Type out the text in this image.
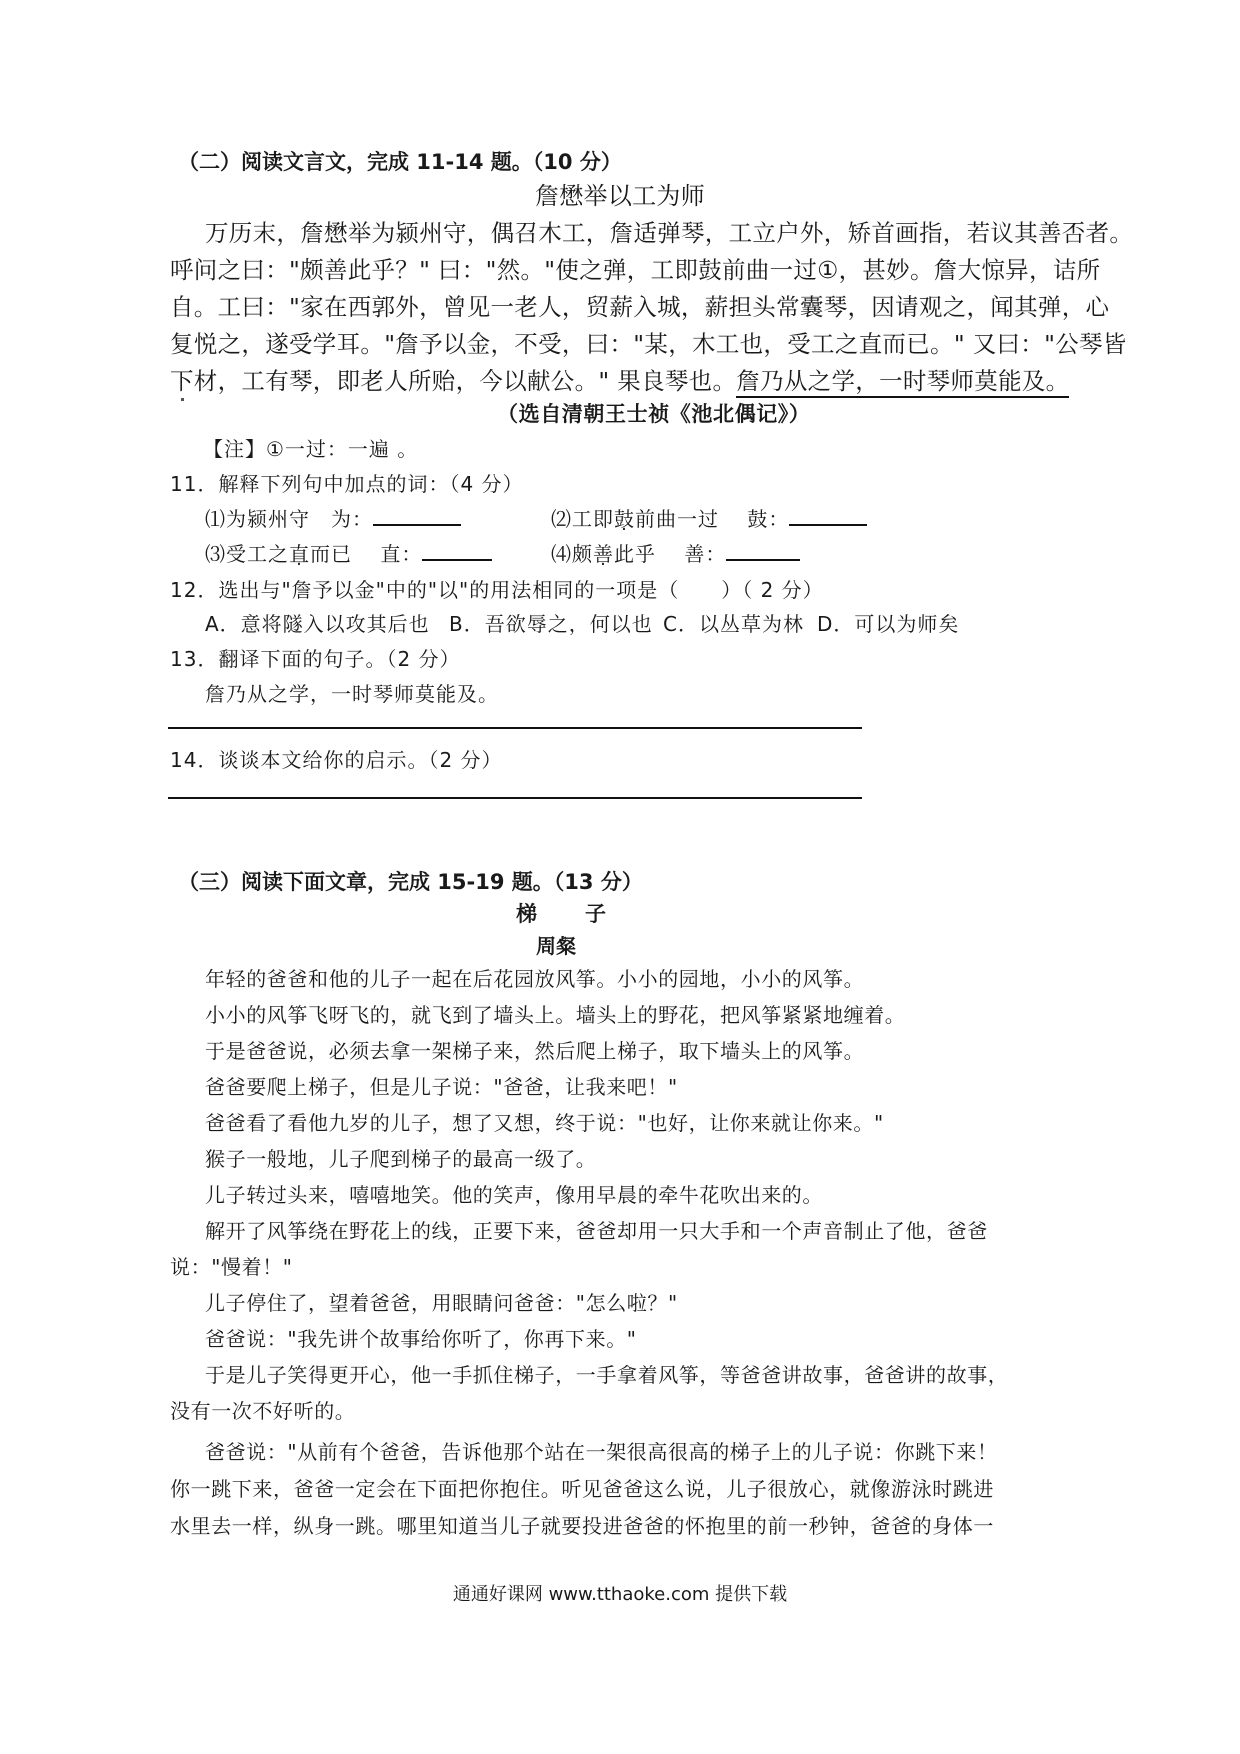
（二）阅读文言文，完成 11-14 题。（10 分）
詹懋举以工为师
万历末，詹懋举为颍州守，偶召木工，詹适弹琴，工立户外，矫首画指，若议其善否者。
呼问之曰："颇善此乎？" 曰："然。"使之弹，工即鼓前曲一过①，甚妙。詹大惊异，诘所
自。工曰："家在西郭外，曾见一老人，贸薪入城，薪担头常囊琴，因请观之，闻其弹，心
复悦之，遂受学耳。"詹予以金，不受，曰："某，木工也，受工之直而已。" 又曰："公琴皆
下材，工有琴，即老人所贻，今以献公。" 果良琴也。詹乃从之学，一时琴师莫能及。
（选自清朝王士祯《池北偶记》）
【注】①一过：一遍 。
11．解释下列句中加点的词：（4 分）
⑴为颍州守　为：	⑵工即鼓前曲一过　 鼓：
⑶受工之直而已　 直：	⑷颇善此乎　 善：
12．选出与"詹予以金"中的"以"的用法相同的一项是（　　）（ 2 分）
A．意将隧入以攻其后也 B．吾欲辱之，何以也 C．以丛草为林 D．可以为师矣
13．翻译下面的句子。（2 分）
詹乃从之学，一时琴师莫能及。
14．谈谈本文给你的启示。（2 分）
（三）阅读下面文章，完成 15-19 题。（13 分）
梯 子
周粲
年轻的爸爸和他的儿子一起在后花园放风筝。小小的园地，小小的风筝。
小小的风筝飞呀飞的，就飞到了墙头上。墙头上的野花，把风筝紧紧地缠着。
于是爸爸说，必须去拿一架梯子来，然后爬上梯子，取下墙头上的风筝。
爸爸要爬上梯子，但是儿子说："爸爸，让我来吧！"
爸爸看了看他九岁的儿子，想了又想，终于说："也好，让你来就让你来。"
猴子一般地，儿子爬到梯子的最高一级了。
儿子转过头来，嘻嘻地笑。他的笑声，像用早晨的牵牛花吹出来的。
解开了风筝绕在野花上的线，正要下来，爸爸却用一只大手和一个声音制止了他，爸爸
说："慢着！"
儿子停住了，望着爸爸，用眼睛问爸爸："怎么啦？"
爸爸说："我先讲个故事给你听了，你再下来。"
于是儿子笑得更开心，他一手抓住梯子，一手拿着风筝，等爸爸讲故事，爸爸讲的故事，
没有一次不好听的。
爸爸说："从前有个爸爸，告诉他那个站在一架很高很高的梯子上的儿子说：你跳下来！
你一跳下来，爸爸一定会在下面把你抱住。听见爸爸这么说，儿子很放心，就像游泳时跳进
水里去一样，纵身一跳。哪里知道当儿子就要投进爸爸的怀抱里的前一秒钟，爸爸的身体一
通通好课网 www.tthaoke.com 提供下载
